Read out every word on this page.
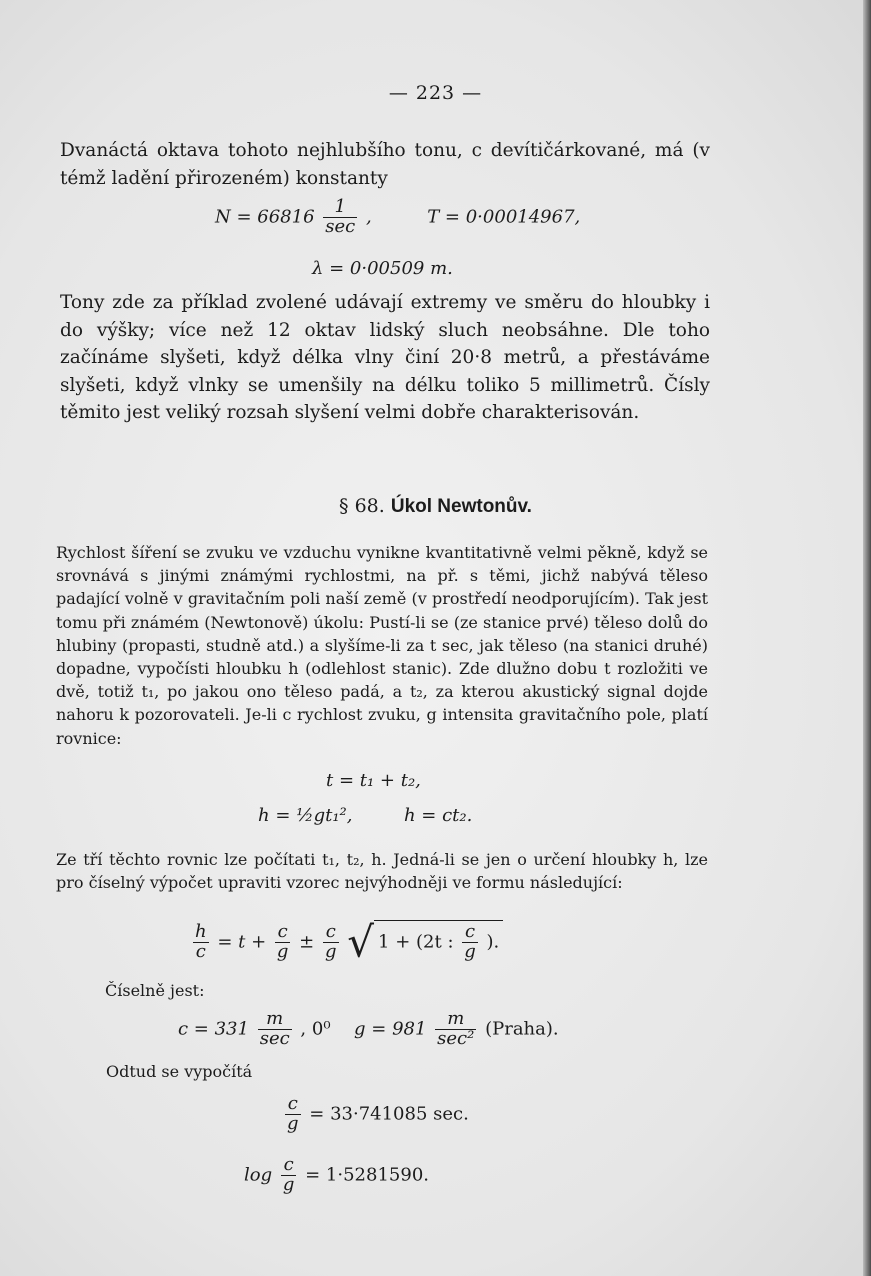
— 223 —
Dvanáctá oktava tohoto nejhlubšího tonu, c devítičárkované, má (v témž ladění přirozeném) konstanty
$N = 66816 \frac{1}{\sec}$ ,	T = 0·00014967,
λ = 0·00509 m.
Tony zde za příklad zvolené udávají extremy ve směru do hloubky i do výšky; více než 12 oktav lidský sluch neobsáhne. Dle toho začínáme slyšeti, když délka vlny činí 20·8 metrů, a přestáváme slyšeti, když vlnky se umenšily na délku toliko 5 millimetrů. Čísly těmito jest veliký rozsah slyšení velmi dobře charakterisován.
§ 68. Úkol Newtonův.
Rychlost šíření se zvuku ve vzduchu vynikne kvantitativně velmi pěkně, když se srovnává s jinými známými rychlostmi, na př. s těmi, jichž nabývá těleso padající volně v gravitačním poli naší země (v prostředí neodporujícím). Tak jest tomu při známém (Newtonově) úkolu: Pustí-li se (ze stanice prvé) těleso dolů do hlubiny (propasti, studně atd.) a slyšíme-li za t sec, jak těleso (na stanici druhé) dopadne, vypočísti hloubku h (odlehlost stanic). Zde dlužno dobu t rozložiti ve dvě, totiž t₁, po jakou ono těleso padá, a t₂, za kterou akustický signal dojde nahoru k pozorovateli. Je-li c rychlost zvuku, g intensita gravitačního pole, platí rovnice:
t = t₁ + t₂,
h = ½gt₁²,	h = ct₂.
Ze tří těchto rovnic lze počítati t₁, t₂, h. Jedná-li se jen o určení hloubky h, lze pro číselný výpočet upraviti vzorec nejvýhodněji ve formu následující:
$\frac{h}{c} = t + \frac{c}{g} \pm \frac{c}{g}$ √ 1 + (2t : $\frac{c}{g}$ ).
Číselně jest:
$c = 331 \frac{m}{\sec}$ , 0⁰ $g = 981 \frac{m}{\text{sec²}}$ (Praha).
Odtud se vypočítá
$\frac{c}{g} = 33\cdot 741085$ sec.
$\log \frac{c}{g} = 1\cdot 5281590$.
